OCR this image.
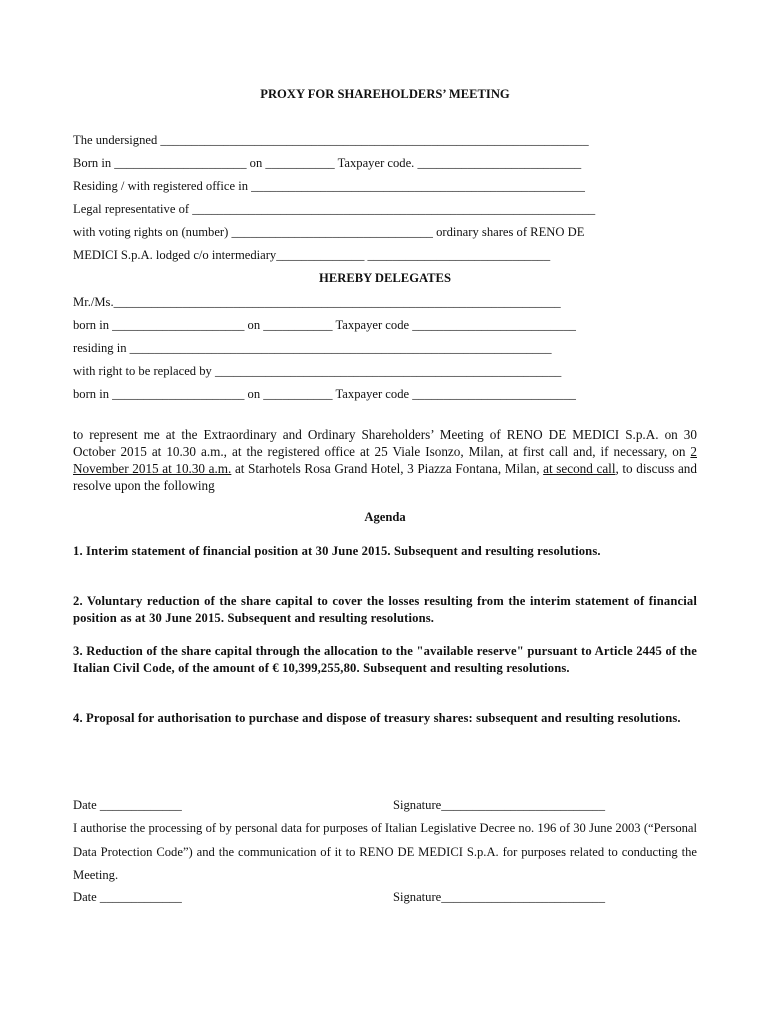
PROXY FOR SHAREHOLDERS’ MEETING
The undersigned ____________________________________________________________________
Born in _____________________ on ___________ Taxpayer code. __________________________
Residing / with registered office in _____________________________________________________
Legal representative of ________________________________________________________________
with voting rights on (number) ________________________________ ordinary shares of RENO DE
MEDICI S.p.A. lodged c/o intermediary______________ _____________________________
HEREBY DELEGATES
Mr./Ms._______________________________________________________________________
born in _____________________ on ___________ Taxpayer code __________________________
residing in ___________________________________________________________________
with right to be replaced by _______________________________________________________
born in _____________________ on ___________ Taxpayer code __________________________
to represent me at the Extraordinary and Ordinary Shareholders’ Meeting of RENO DE MEDICI S.p.A. on 30 October 2015 at 10.30 a.m., at the registered office at 25 Viale Isonzo, Milan, at first call and, if necessary, on 2 November 2015 at 10.30 a.m. at Starhotels Rosa Grand Hotel, 3 Piazza Fontana, Milan, at second call, to discuss and resolve upon the following
Agenda
1. Interim statement of financial position at 30 June 2015. Subsequent and resulting resolutions.
2. Voluntary reduction of the share capital to cover the losses resulting from the interim statement of financial position as at 30 June 2015. Subsequent and resulting resolutions.
3. Reduction of the share capital through the allocation to the "available reserve" pursuant to Article 2445 of the Italian Civil Code, of the amount of € 10,399,255,80. Subsequent and resulting resolutions.
4. Proposal for authorisation to purchase and dispose of treasury shares: subsequent and resulting resolutions.
Date _____________	Signature__________________________
I authorise the processing of by personal data for purposes of Italian Legislative Decree no. 196 of 30 June 2003 (“Personal Data Protection Code”) and the communication of it to RENO DE MEDICI S.p.A. for purposes related to conducting the Meeting.
Date _____________	Signature__________________________
